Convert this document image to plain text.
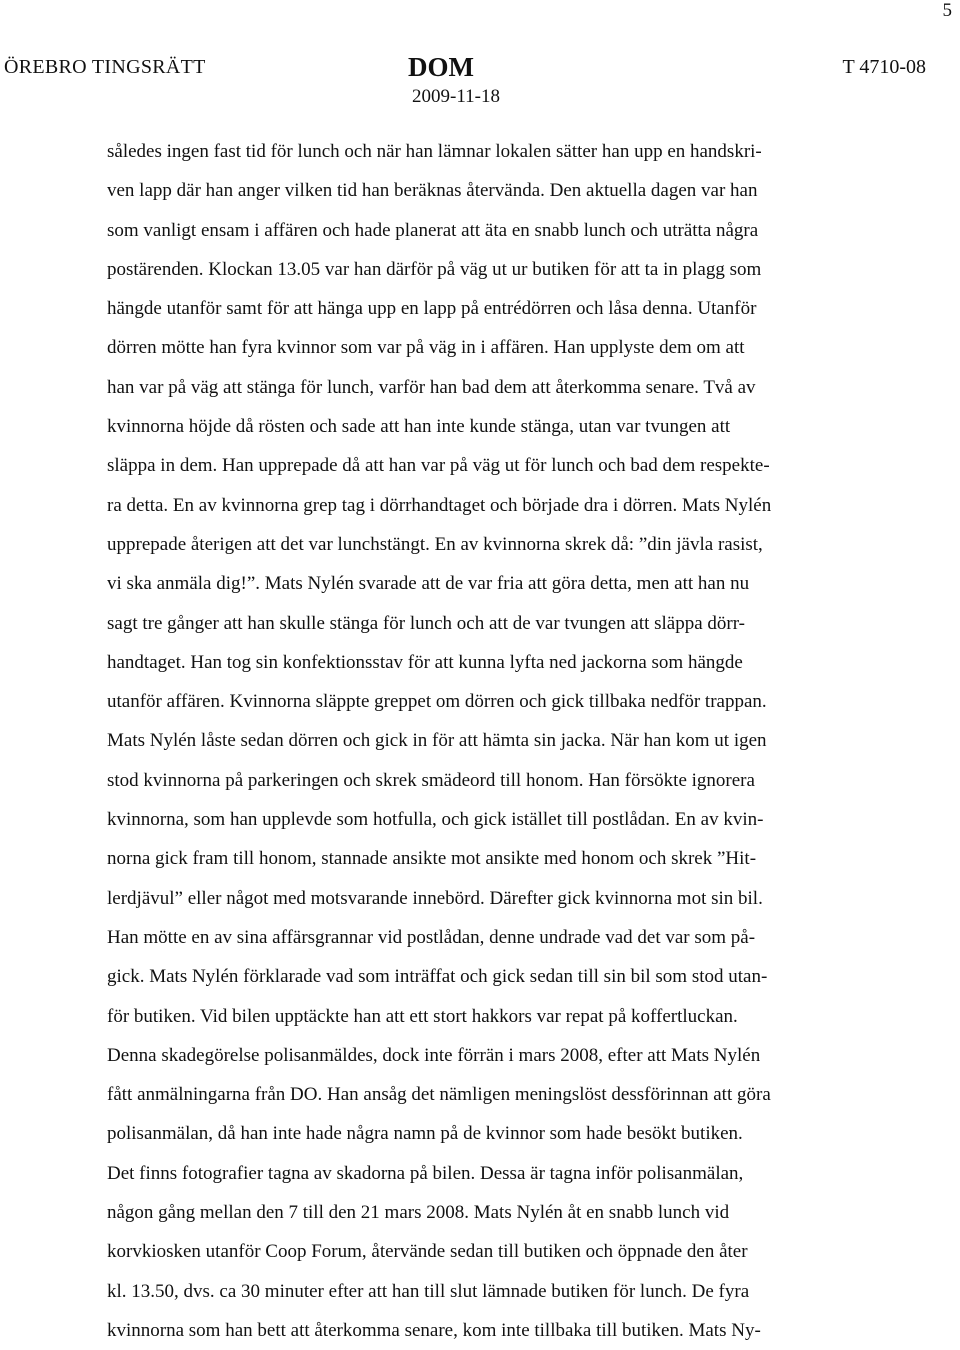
5
ÖREBRO TINGSRÄTT	DOM
2009-11-18
T 4710-08
således ingen fast tid för lunch och när han lämnar lokalen sätter han upp en handskri-
ven lapp där han anger vilken tid han beräknas återvända. Den aktuella dagen var han
som vanligt ensam i affären och hade planerat att äta en snabb lunch och uträtta några
postärenden. Klockan 13.05 var han därför på väg ut ur butiken för att ta in plagg som
hängde utanför samt för att hänga upp en lapp på entrédörren och låsa denna. Utanför
dörren mötte han fyra kvinnor som var på väg in i affären. Han upplyste dem om att
han var på väg att stänga för lunch, varför han bad dem att återkomma senare. Två av
kvinnorna höjde då rösten och sade att han inte kunde stänga, utan var tvungen att
släppa in dem. Han upprepade då att han var på väg ut för lunch och bad dem respekte-
ra detta. En av kvinnorna grep tag i dörrhandtaget och började dra i dörren. Mats Nylén
upprepade återigen att det var lunchstängt. En av kvinnorna skrek då: ”din jävla rasist,
vi ska anmäla dig!”. Mats Nylén svarade att de var fria att göra detta, men att han nu
sagt tre gånger att han skulle stänga för lunch och att de var tvungen att släppa dörr-
handtaget. Han tog sin konfektionsstav för att kunna lyfta ned jackorna som hängde
utanför affären. Kvinnorna släppte greppet om dörren och gick tillbaka nedför trappan.
Mats Nylén låste sedan dörren och gick in för att hämta sin jacka. När han kom ut igen
stod kvinnorna på parkeringen och skrek smädeord till honom. Han försökte ignorera
kvinnorna, som han upplevde som hotfulla, och gick istället till postlådan. En av kvin-
norna gick fram till honom, stannade ansikte mot ansikte med honom och skrek ”Hit-
lerdjävul” eller något med motsvarande innebörd. Därefter gick kvinnorna mot sin bil.
Han mötte en av sina affärsgrannar vid postlådan, denne undrade vad det var som på-
gick. Mats Nylén förklarade vad som inträffat och gick sedan till sin bil som stod utan-
för butiken. Vid bilen upptäckte han att ett stort hakkors var repat på koffertluckan.
Denna skadegörelse polisanmäldes, dock inte förrän i mars 2008, efter att Mats Nylén
fått anmälningarna från DO. Han ansåg det nämligen meningslöst dessförinnan att göra
polisanmälan, då han inte hade några namn på de kvinnor som hade besökt butiken.
Det finns fotografier tagna av skadorna på bilen. Dessa är tagna inför polisanmälan,
någon gång mellan den 7 till den 21 mars 2008. Mats Nylén åt en snabb lunch vid
korvkiosken utanför Coop Forum, återvände sedan till butiken och öppnade den åter
kl. 13.50, dvs. ca 30 minuter efter att han till slut lämnade butiken för lunch. De fyra
kvinnorna som han bett att återkomma senare, kom inte tillbaka till butiken. Mats Ny-
